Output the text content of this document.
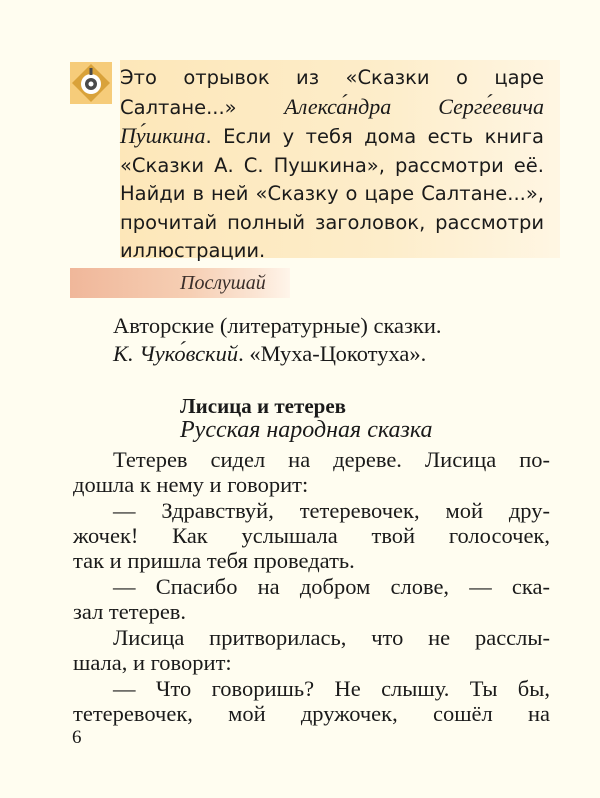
Это отрывок из «Сказки о царе Салтане...» Алекса́ндра Серге́евича Пу́шкина. Если у тебя дома есть книга «Сказки А. С. Пушкина», рассмотри её. Найди в ней «Сказку о царе Салтане...», прочитай полный заголовок, рассмотри иллюстрации.

Послушай
Авторские (литературные) сказки.
К. Чуко́вский. «Муха-Цокотуха».
Лисица и тетерев
Русская народная сказка
Тетерев сидел на дереве. Лисица по-
дошла к нему и говорит:
— Здравствуй, тетеревочек, мой дру-
жочек! Как услышала твой голосочек,
так и пришла тебя проведать.
— Спасибо на добром слове, — ска-
зал тетерев.
Лисица притворилась, что не расслы-
шала, и говорит:
— Что говоришь? Не слышу. Ты бы,
тетеревочек, мой дружочек, сошёл на
6
